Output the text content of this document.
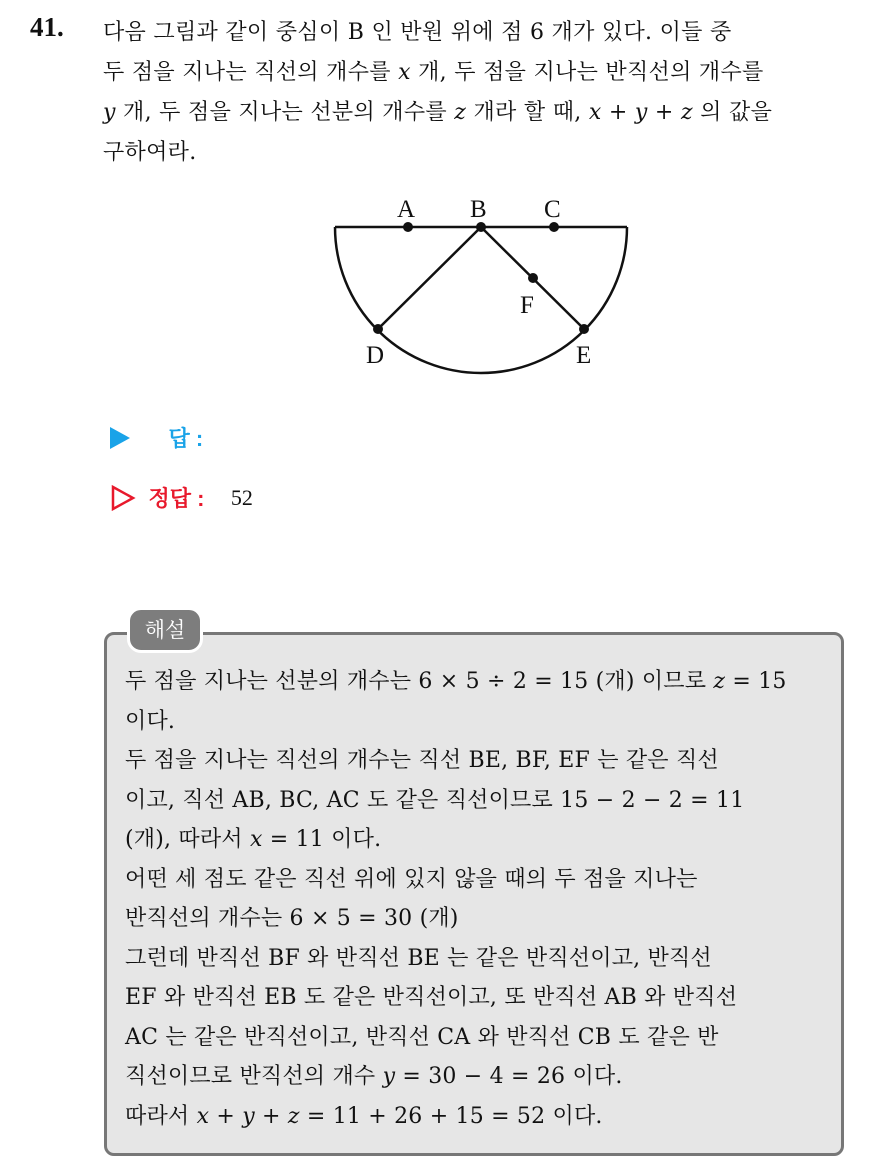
41. 다음 그림과 같이 중심이 B 인 반원 위에 점 6 개가 있다. 이들 중
두 점을 지나는 직선의 개수를 x 개, 두 점을 지나는 반직선의 개수를
y 개, 두 점을 지나는 선분의 개수를 z 개라 할 때, x + y + z 의 값을
구하여라.
A B C
D	E
F
답 :
정답 : 52
해설
두 점을 지나는 선분의 개수는 6 × 5 ÷ 2 = 15 (개) 이므로 z = 15
이다.
두 점을 지나는 직선의 개수는 직선 BE, BF, EF 는 같은 직선
이고, 직선 AB, BC, AC 도 같은 직선이므로 15 − 2 − 2 = 11
(개), 따라서 x = 11 이다.
어떤 세 점도 같은 직선 위에 있지 않을 때의 두 점을 지나는
반직선의 개수는 6 × 5 = 30 (개)
그런데 반직선 BF 와 반직선 BE 는 같은 반직선이고, 반직선
EF 와 반직선 EB 도 같은 반직선이고, 또 반직선 AB 와 반직선
AC 는 같은 반직선이고, 반직선 CA 와 반직선 CB 도 같은 반
직선이므로 반직선의 개수 y = 30 − 4 = 26 이다.
따라서 x + y + z = 11 + 26 + 15 = 52 이다.
